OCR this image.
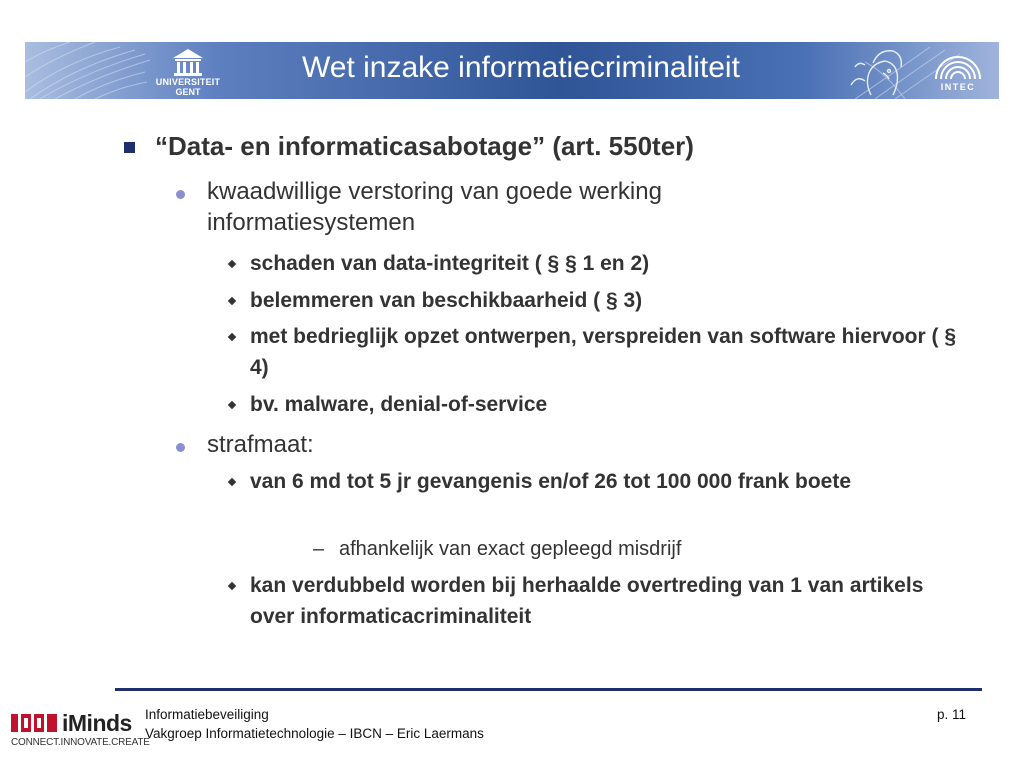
UNIVERSITEIT
GENT
Wet inzake informatiecriminaliteit
INTEC
“Data- en informaticasabotage” (art. 550ter)
kwaadwillige verstoring van goede werking informatiesystemen
schaden van data-integriteit ( § § 1 en 2)
belemmeren van beschikbaarheid ( § 3)
met bedrieglijk opzet ontwerpen, verspreiden van software hiervoor ( § 4)
bv. malware, denial-of-service
strafmaat:
van 6 md tot 5 jr gevangenis en/of 26 tot 100 000 frank boete
– afhankelijk van exact gepleegd misdrijf
kan verdubbeld worden bij herhaalde overtreding van 1 van artikels over informaticacriminaliteit
iMinds
CONNECT.INNOVATE.CREATE
Informatiebeveiliging
Vakgroep Informatietechnologie – IBCN – Eric Laermans
p. 11
